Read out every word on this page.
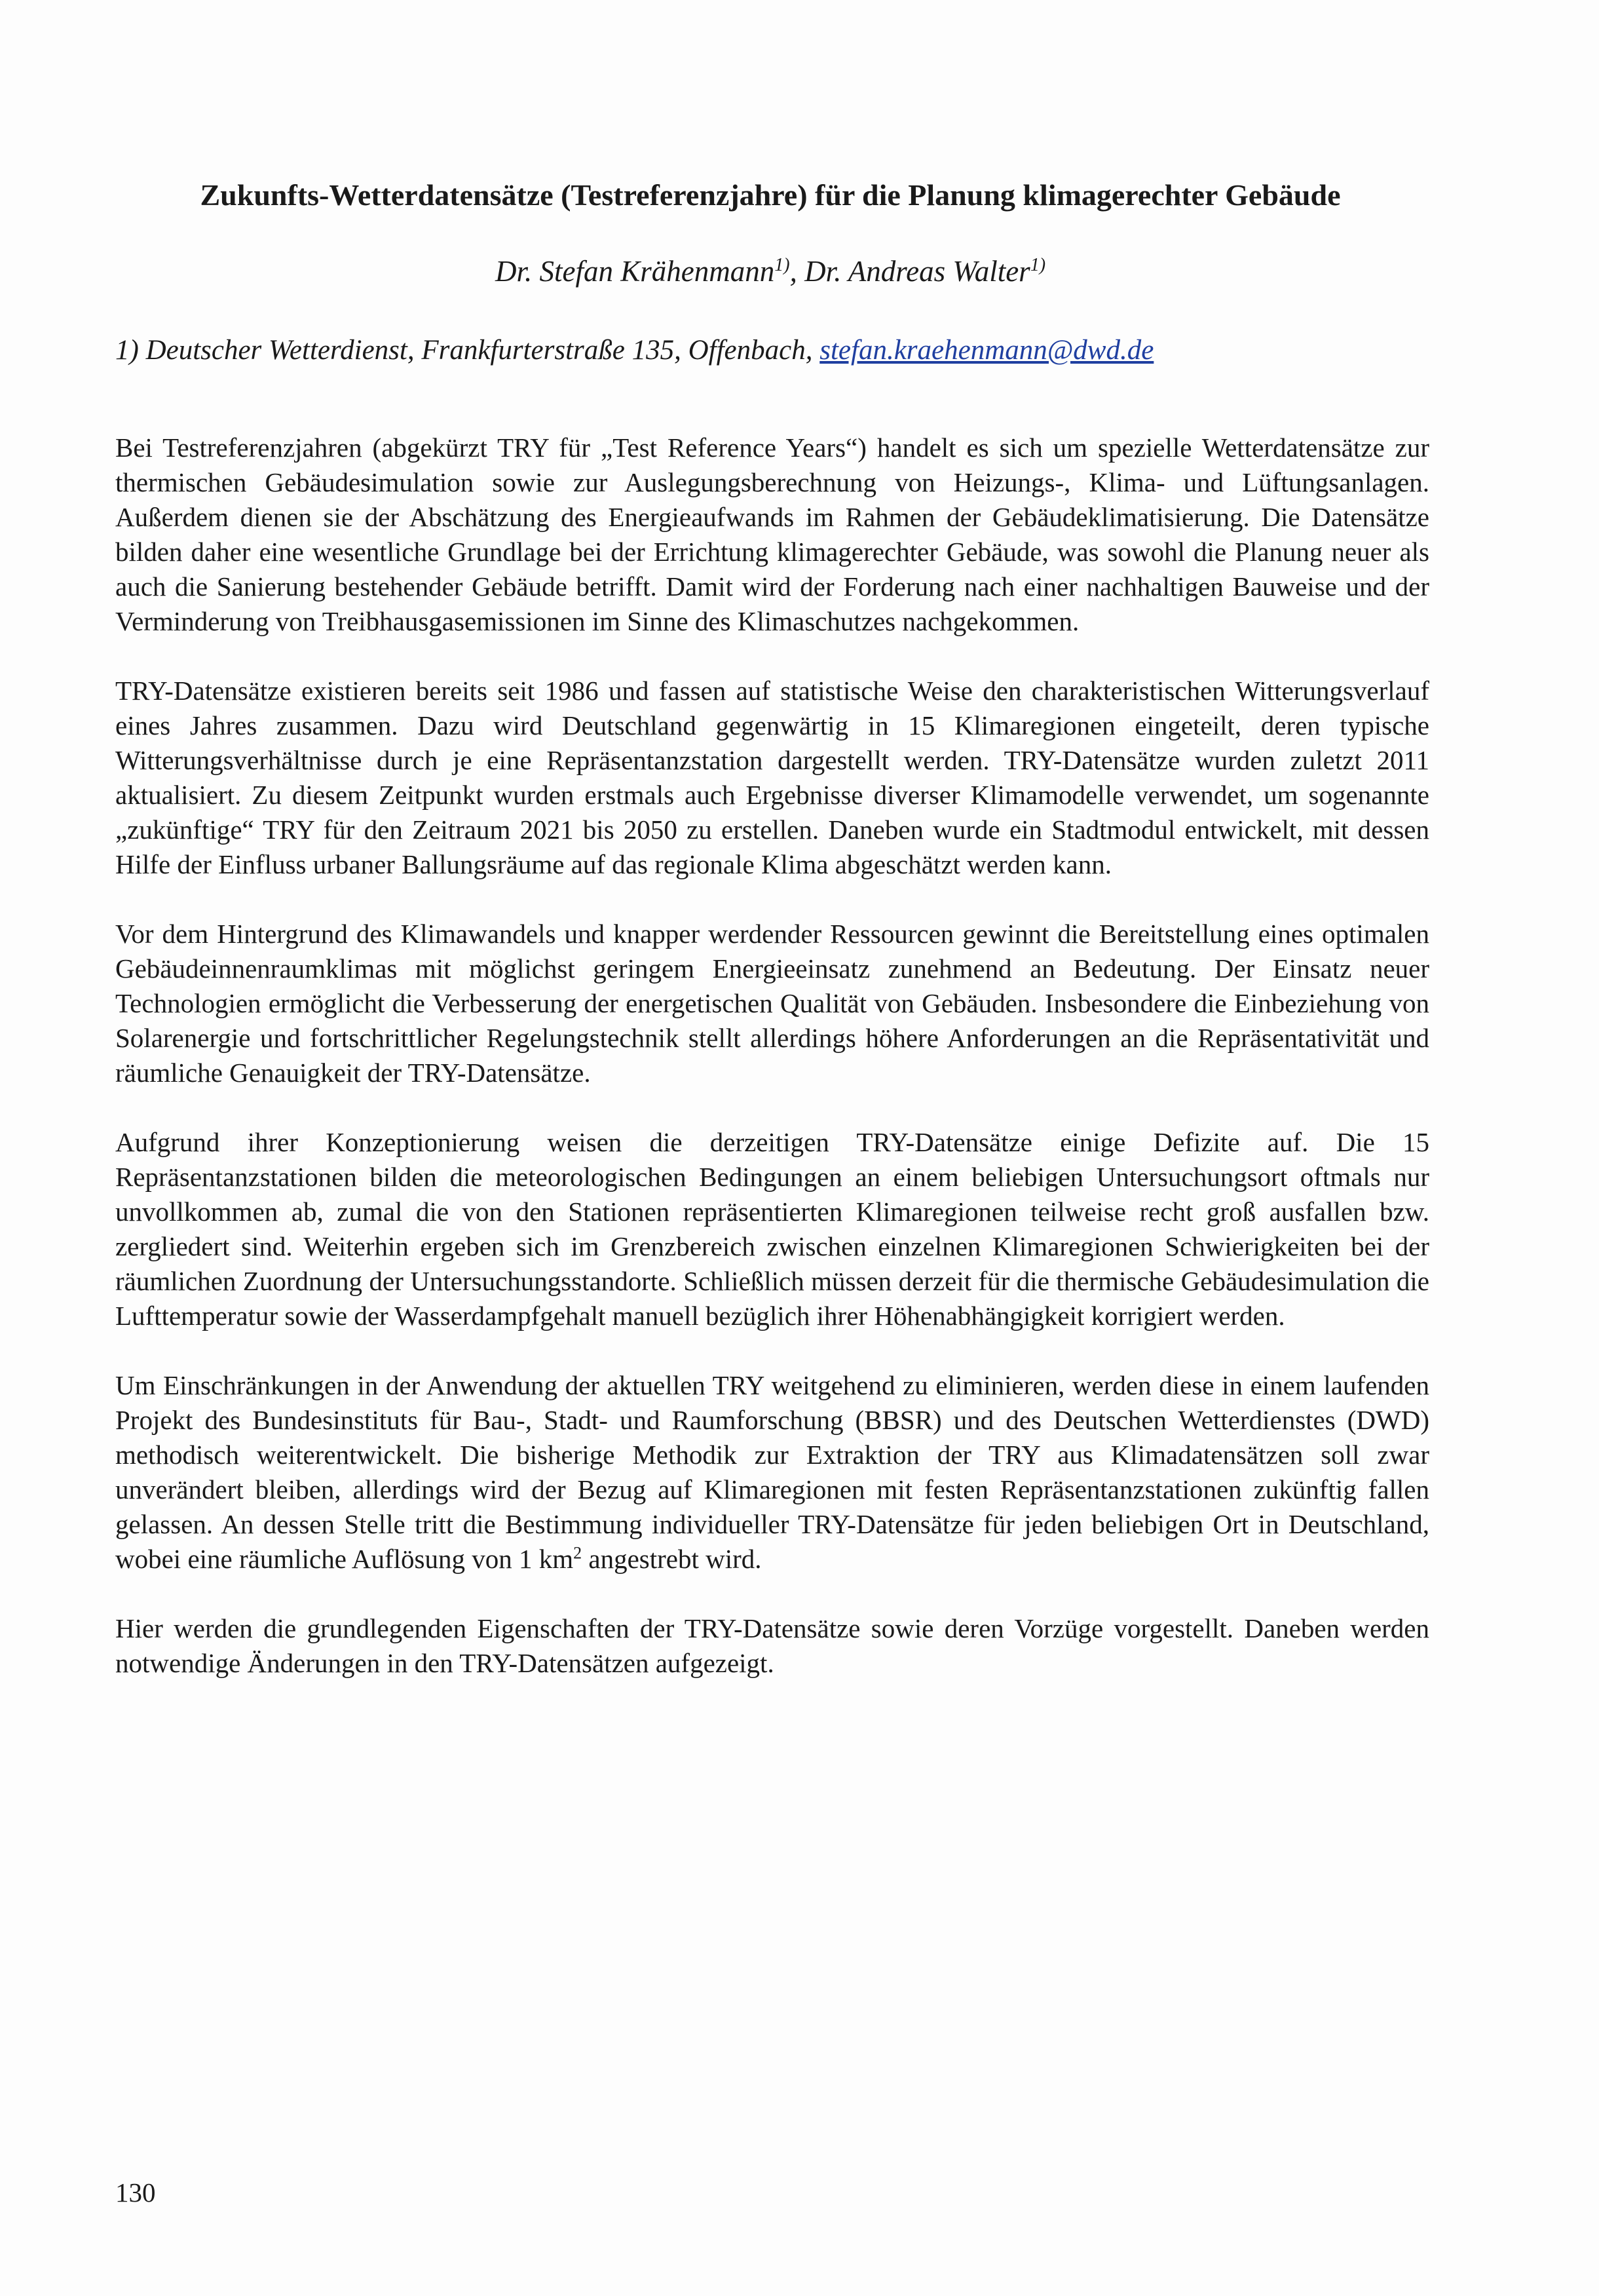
Zukunfts-Wetterdatensätze (Testreferenzjahre) für die Planung klimagerechter Gebäude

Dr. Stefan Krähenmann$^{1)}$, Dr. Andreas Walter$^{1)}$

1) Deutscher Wetterdienst, Frankfurterstraße 135, Offenbach, stefan.kraehenmann@dwd.de

Bei Testreferenzjahren (abgekürzt TRY für „Test Reference Years“) handelt es sich um spezielle Wetterdatensätze zur thermischen Gebäudesimulation sowie zur Auslegungsberechnung von Heizungs-, Klima- und Lüftungsanlagen. Außerdem dienen sie der Abschätzung des Energieaufwands im Rahmen der Gebäudeklimatisierung. Die Datensätze bilden daher eine wesentliche Grundlage bei der Errichtung klimagerechter Gebäude, was sowohl die Planung neuer als auch die Sanierung bestehender Gebäude betrifft. Damit wird der Forderung nach einer nachhaltigen Bauweise und der Verminderung von Treibhausgasemissionen im Sinne des Klimaschutzes nachgekommen.

TRY-Datensätze existieren bereits seit 1986 und fassen auf statistische Weise den charakteristischen Witterungsverlauf eines Jahres zusammen. Dazu wird Deutschland gegenwärtig in 15 Klimaregionen eingeteilt, deren typische Witterungsverhältnisse durch je eine Repräsentanzstation dargestellt werden. TRY-Datensätze wurden zuletzt 2011 aktualisiert. Zu diesem Zeitpunkt wurden erstmals auch Ergebnisse diverser Klimamodelle verwendet, um sogenannte „zukünftige“ TRY für den Zeitraum 2021 bis 2050 zu erstellen. Daneben wurde ein Stadtmodul entwickelt, mit dessen Hilfe der Einfluss urbaner Ballungsräume auf das regionale Klima abgeschätzt werden kann.

Vor dem Hintergrund des Klimawandels und knapper werdender Ressourcen gewinnt die Bereitstellung eines optimalen Gebäudeinnenraumklimas mit möglichst geringem Energieeinsatz zunehmend an Bedeutung. Der Einsatz neuer Technologien ermöglicht die Verbesserung der energetischen Qualität von Gebäuden. Insbesondere die Einbeziehung von Solarenergie und fortschrittlicher Regelungstechnik stellt allerdings höhere Anforderungen an die Repräsentativität und räumliche Genauigkeit der TRY-Datensätze.

Aufgrund ihrer Konzeptionierung weisen die derzeitigen TRY-Datensätze einige Defizite auf. Die 15 Repräsentanzstationen bilden die meteorologischen Bedingungen an einem beliebigen Untersuchungsort oftmals nur unvollkommen ab, zumal die von den Stationen repräsentierten Klimaregionen teilweise recht groß ausfallen bzw. zergliedert sind. Weiterhin ergeben sich im Grenzbereich zwischen einzelnen Klimaregionen Schwierigkeiten bei der räumlichen Zuordnung der Untersuchungsstandorte. Schließlich müssen derzeit für die thermische Gebäudesimulation die Lufttemperatur sowie der Wasserdampfgehalt manuell bezüglich ihrer Höhenabhängigkeit korrigiert werden.

Um Einschränkungen in der Anwendung der aktuellen TRY weitgehend zu eliminieren, werden diese in einem laufenden Projekt des Bundesinstituts für Bau-, Stadt- und Raumforschung (BBSR) und des Deutschen Wetterdienstes (DWD) methodisch weiterentwickelt. Die bisherige Methodik zur Extraktion der TRY aus Klimadatensätzen soll zwar unverändert bleiben, allerdings wird der Bezug auf Klimaregionen mit festen Repräsentanzstationen zukünftig fallen gelassen. An dessen Stelle tritt die Bestimmung individueller TRY-Datensätze für jeden beliebigen Ort in Deutschland, wobei eine räumliche Auflösung von 1 $km^2$ angestrebt wird.

Hier werden die grundlegenden Eigenschaften der TRY-Datensätze sowie deren Vorzüge vorgestellt. Daneben werden notwendige Änderungen in den TRY-Datensätzen aufgezeigt.

130
